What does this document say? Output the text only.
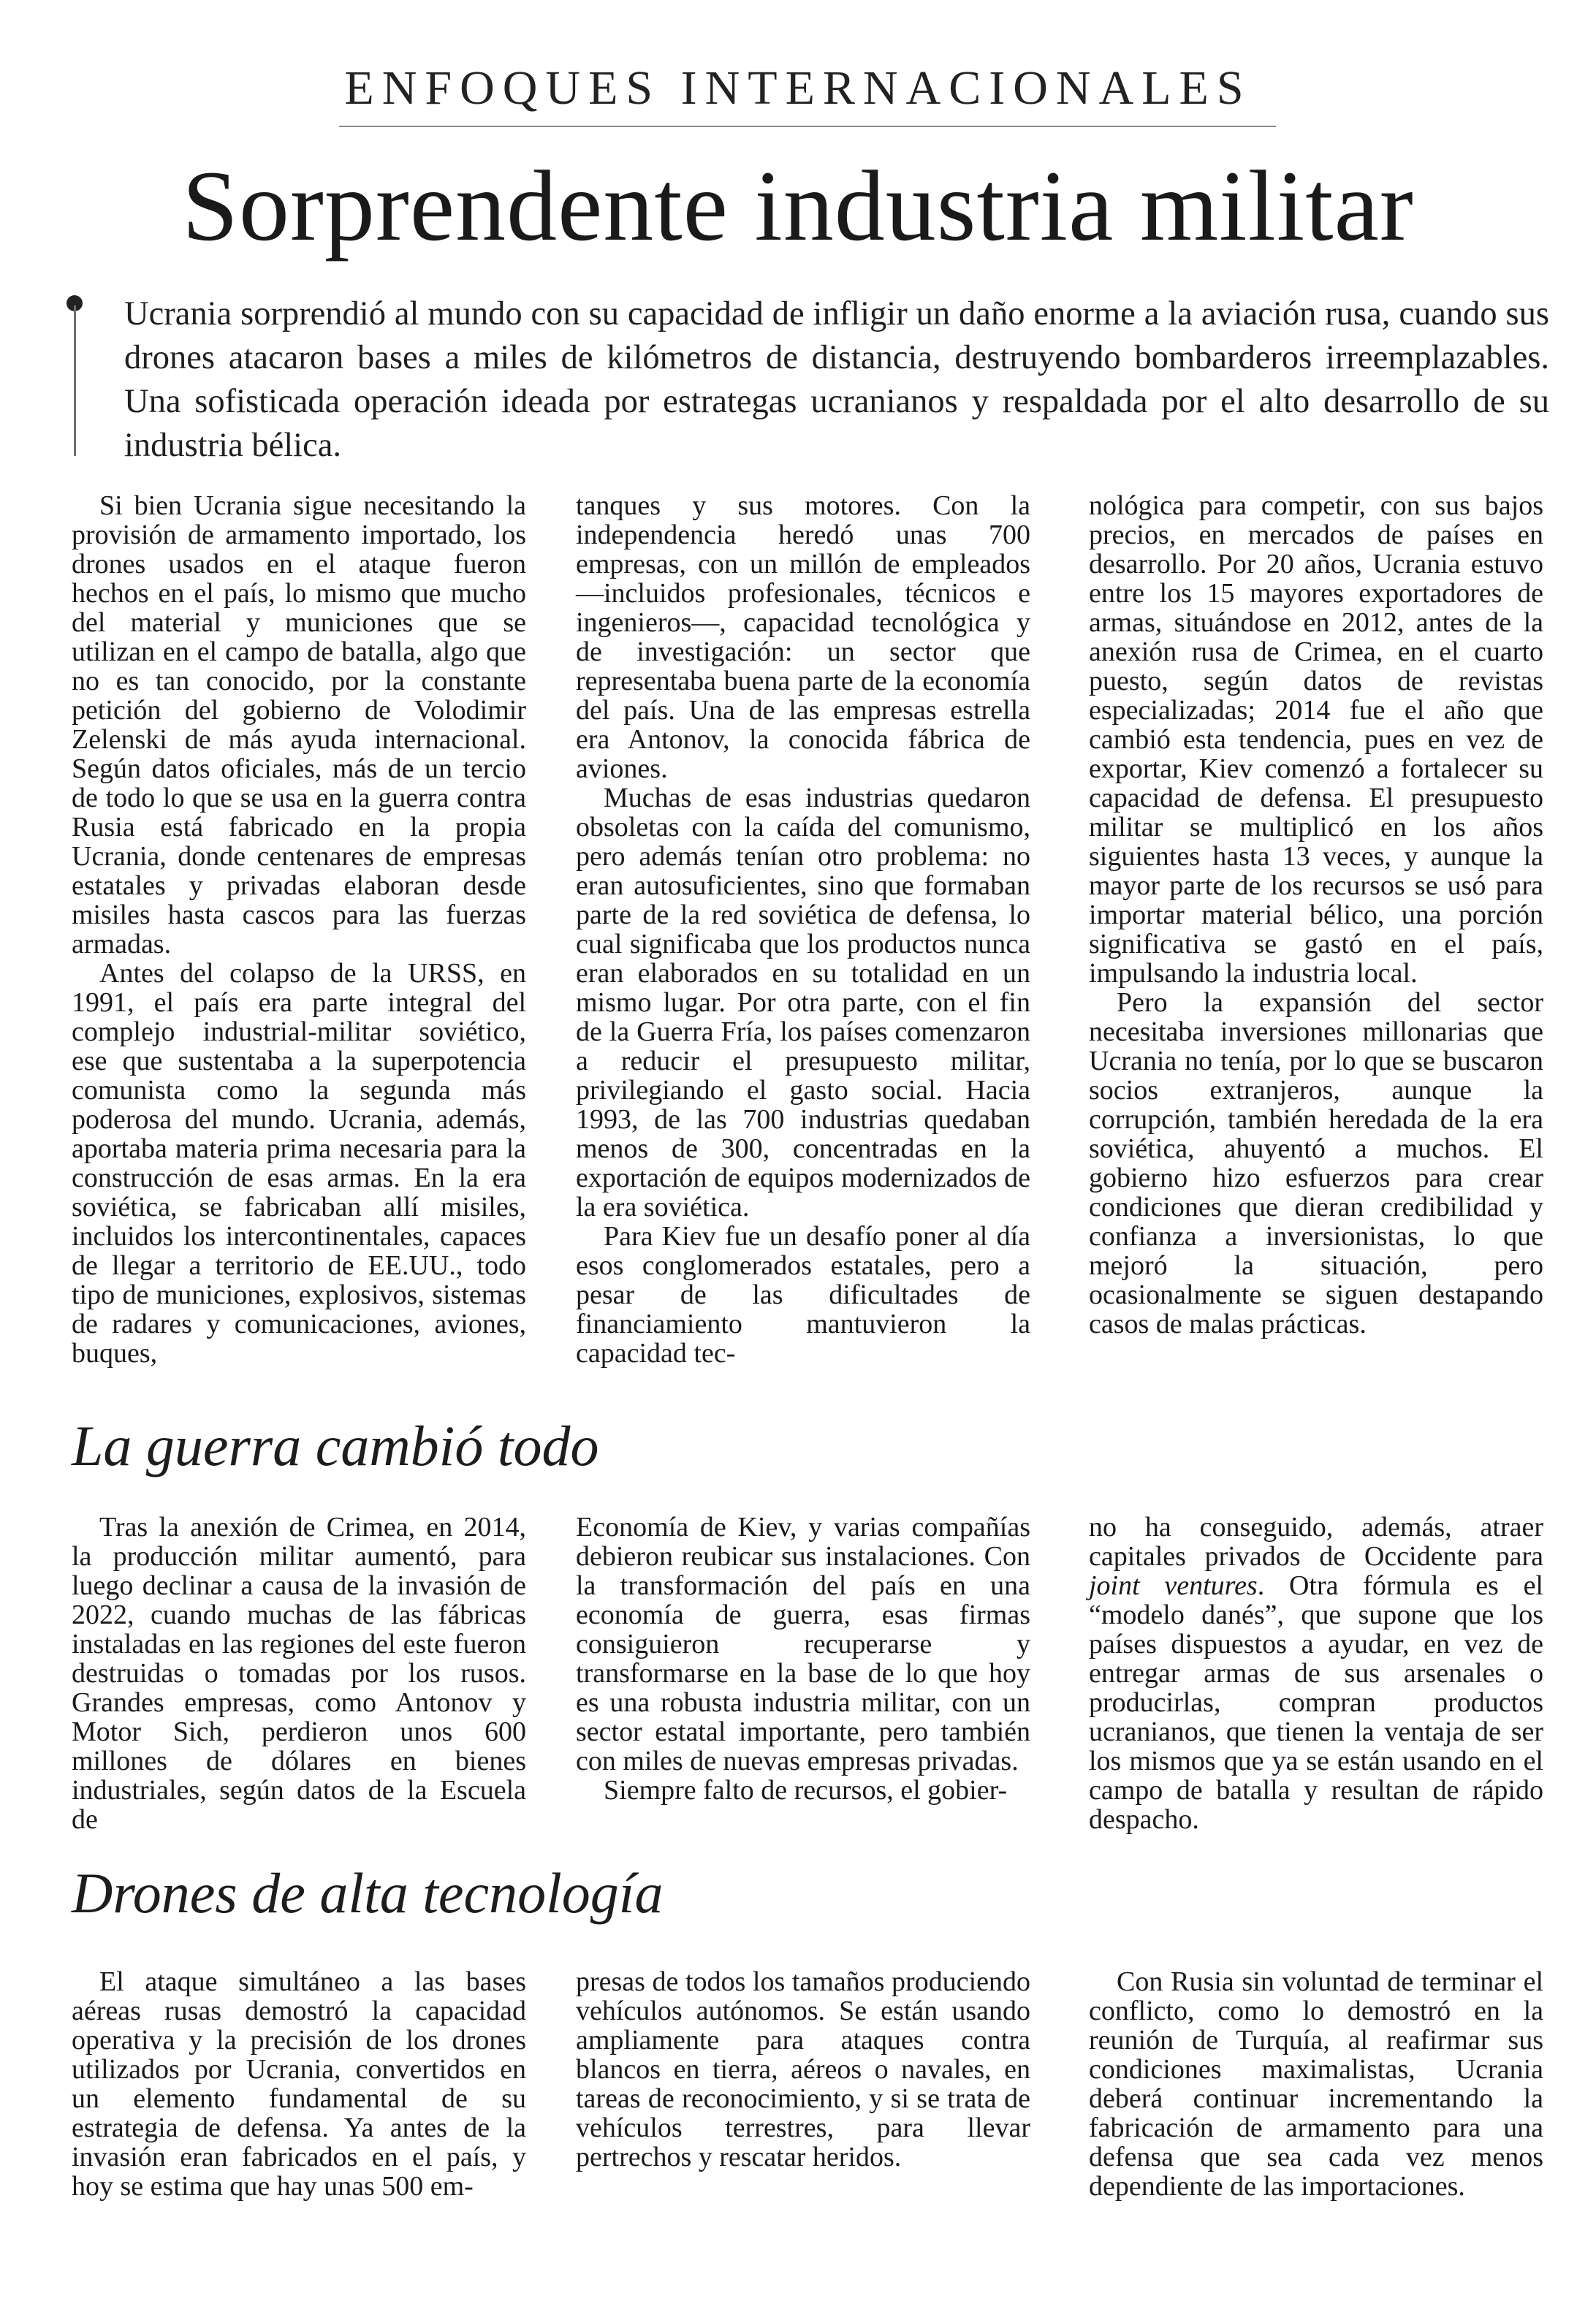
ENFOQUES INTERNACIONALES
Sorprendente industria militar
Ucrania sorprendió al mundo con su capacidad de infligir un daño enorme a la aviación rusa, cuando sus drones atacaron bases a miles de kilómetros de distancia, destruyendo bombarderos irreemplazables. Una sofisticada operación ideada por estrategas ucranianos y respaldada por el alto desarrollo de su industria bélica.

Si bien Ucrania sigue necesitando la provisión de armamento importado, los drones usados en el ataque fueron hechos en el país, lo mismo que mucho del material y municiones que se utilizan en el campo de batalla, algo que no es tan conocido, por la constante petición del gobierno de Volodimir Zelenski de más ayuda internacional. Según datos oficiales, más de un tercio de todo lo que se usa en la guerra contra Rusia está fabricado en la propia Ucrania, donde centenares de empresas estatales y privadas elaboran desde misiles hasta cascos para las fuerzas armadas.

Antes del colapso de la URSS, en 1991, el país era parte integral del complejo industrial-militar soviético, ese que sustentaba a la superpotencia comunista como la segunda más poderosa del mundo. Ucrania, además, aportaba materia prima necesaria para la construcción de esas armas. En la era soviética, se fabricaban allí misiles, incluidos los intercontinentales, capaces de llegar a territorio de EE.UU., todo tipo de municiones, explosivos, sistemas de radares y comunicaciones, aviones, buques,

tanques y sus motores. Con la independencia heredó unas 700 empresas, con un millón de empleados —incluidos profesionales, técnicos e ingenieros—, capacidad tecnológica y de investigación: un sector que representaba buena parte de la economía del país. Una de las empresas estrella era Antonov, la conocida fábrica de aviones.

Muchas de esas industrias quedaron obsoletas con la caída del comunismo, pero además tenían otro problema: no eran autosuficientes, sino que formaban parte de la red soviética de defensa, lo cual significaba que los productos nunca eran elaborados en su totalidad en un mismo lugar. Por otra parte, con el fin de la Guerra Fría, los países comenzaron a reducir el presupuesto militar, privilegiando el gasto social. Hacia 1993, de las 700 industrias quedaban menos de 300, concentradas en la exportación de equipos modernizados de la era soviética.

Para Kiev fue un desafío poner al día esos conglomerados estatales, pero a pesar de las dificultades de financiamiento mantuvieron la capacidad tec-

nológica para competir, con sus bajos precios, en mercados de países en desarrollo. Por 20 años, Ucrania estuvo entre los 15 mayores exportadores de armas, situándose en 2012, antes de la anexión rusa de Crimea, en el cuarto puesto, según datos de revistas especializadas; 2014 fue el año que cambió esta tendencia, pues en vez de exportar, Kiev comenzó a fortalecer su capacidad de defensa. El presupuesto militar se multiplicó en los años siguientes hasta 13 veces, y aunque la mayor parte de los recursos se usó para importar material bélico, una porción significativa se gastó en el país, impulsando la industria local.

Pero la expansión del sector necesitaba inversiones millonarias que Ucrania no tenía, por lo que se buscaron socios extranjeros, aunque la corrupción, también heredada de la era soviética, ahuyentó a muchos. El gobierno hizo esfuerzos para crear condiciones que dieran credibilidad y confianza a inversionistas, lo que mejoró la situación, pero ocasionalmente se siguen destapando casos de malas prácticas.

La guerra cambió todo

Tras la anexión de Crimea, en 2014, la producción militar aumentó, para luego declinar a causa de la invasión de 2022, cuando muchas de las fábricas instaladas en las regiones del este fueron destruidas o tomadas por los rusos. Grandes empresas, como Antonov y Motor Sich, perdieron unos 600 millones de dólares en bienes industriales, según datos de la Escuela de

Economía de Kiev, y varias compañías debieron reubicar sus instalaciones. Con la transformación del país en una economía de guerra, esas firmas consiguieron recuperarse y transformarse en la base de lo que hoy es una robusta industria militar, con un sector estatal importante, pero también con miles de nuevas empresas privadas.

Siempre falto de recursos, el gobier-

no ha conseguido, además, atraer capitales privados de Occidente para joint ventures. Otra fórmula es el “modelo danés”, que supone que los países dispuestos a ayudar, en vez de entregar armas de sus arsenales o producirlas, compran productos ucranianos, que tienen la ventaja de ser los mismos que ya se están usando en el campo de batalla y resultan de rápido despacho.

Drones de alta tecnología

El ataque simultáneo a las bases aéreas rusas demostró la capacidad operativa y la precisión de los drones utilizados por Ucrania, convertidos en un elemento fundamental de su estrategia de defensa. Ya antes de la invasión eran fabricados en el país, y hoy se estima que hay unas 500 em-

presas de todos los tamaños produciendo vehículos autónomos. Se están usando ampliamente para ataques contra blancos en tierra, aéreos o navales, en tareas de reconocimiento, y si se trata de vehículos terrestres, para llevar pertrechos y rescatar heridos.

Con Rusia sin voluntad de terminar el conflicto, como lo demostró en la reunión de Turquía, al reafirmar sus condiciones maximalistas, Ucrania deberá continuar incrementando la fabricación de armamento para una defensa que sea cada vez menos dependiente de las importaciones.
